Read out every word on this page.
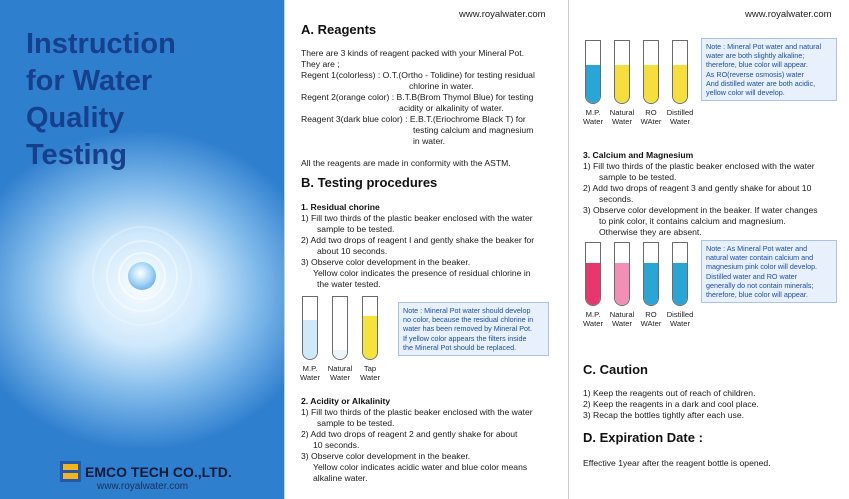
Instruction
for Water
Quality
Testing
EMCO TECH CO.,LTD.
www.royalwater.com
www.royalwater.com
A. Reagents
There are 3 kinds of reagent packed with your Mineral Pot.
They are ;
Regent 1(colorless) : O.T.(Ortho - Tolidine) for testing residual
chlorine in water.
Regent 2(orange color) : B.T.B(Brom Thymol Blue) for testing
acidity or alkalinity of water.
Reagent 3(dark blue color) : E.B.T.(Eriochrome Black T) for
testing calcium and magnesium
in water.
All the reagents are made in conformity with the ASTM.
B. Testing procedures
1. Residual chorine
1) Fill two thirds of the plastic beaker enclosed with the water
sample to be tested.
2) Add two drops of reagent I and gently shake the beaker for
about 10 seconds.
3) Observe color development in the beaker.
Yellow color indicates the presence of residual chlorine in
the water tested.
M.P.
Water
Natural
Water
Tap
Water
Note : Mineral Pot water should develop
no color, because the residual chlorine in
water has been removed by Mineral Pot.
If yellow color appears the filters inside
the Mineral Pot should be replaced.
2. Acidity or Alkalinity
1) Fill two thirds of the plastic beaker enclosed with the water
sample to be tested.
2) Add two drops of reagent 2 and gently shake for about
10 seconds.
3) Observe color development in the beaker.
Yellow color indicates acidic water and blue color means
alkaline water.
www.royalwater.com
M.P.
Water
Natural
Water
RO
WAter
Distilled
Water
Note : Mineral Pot water and natural
water are both slightly alkaline;
therefore, blue color will appear.
As RO(reverse osmosis) water
And distilled water are both acidic,
yellow color will develop.
3. Calcium and Magnesium
1) Fill two thirds of the plastic beaker enclosed with the water
sample to be tested.
2) Add two drops of reagent 3 and gently shake for about 10
seconds.
3) Observe color development in the beaker. If water changes
to pink color, it contains calcium and magnesium.
Otherwise they are absent.
M.P.
Water
Natural
Water
RO
WAter
Distilled
Water
Note : As Mineral Pot water and
natural water contain calcium and
magnesium pink color will develop.
Distilled water and RO water
generally do not contain minerals;
therefore, blue color will appear.
C. Caution
1) Keep the reagents out of reach of children.
2) Keep the reagents in a dark and cool place.
3) Recap the bottles tightly after each use.
D. Expiration Date :
Effective 1year after the reagent bottle is opened.
